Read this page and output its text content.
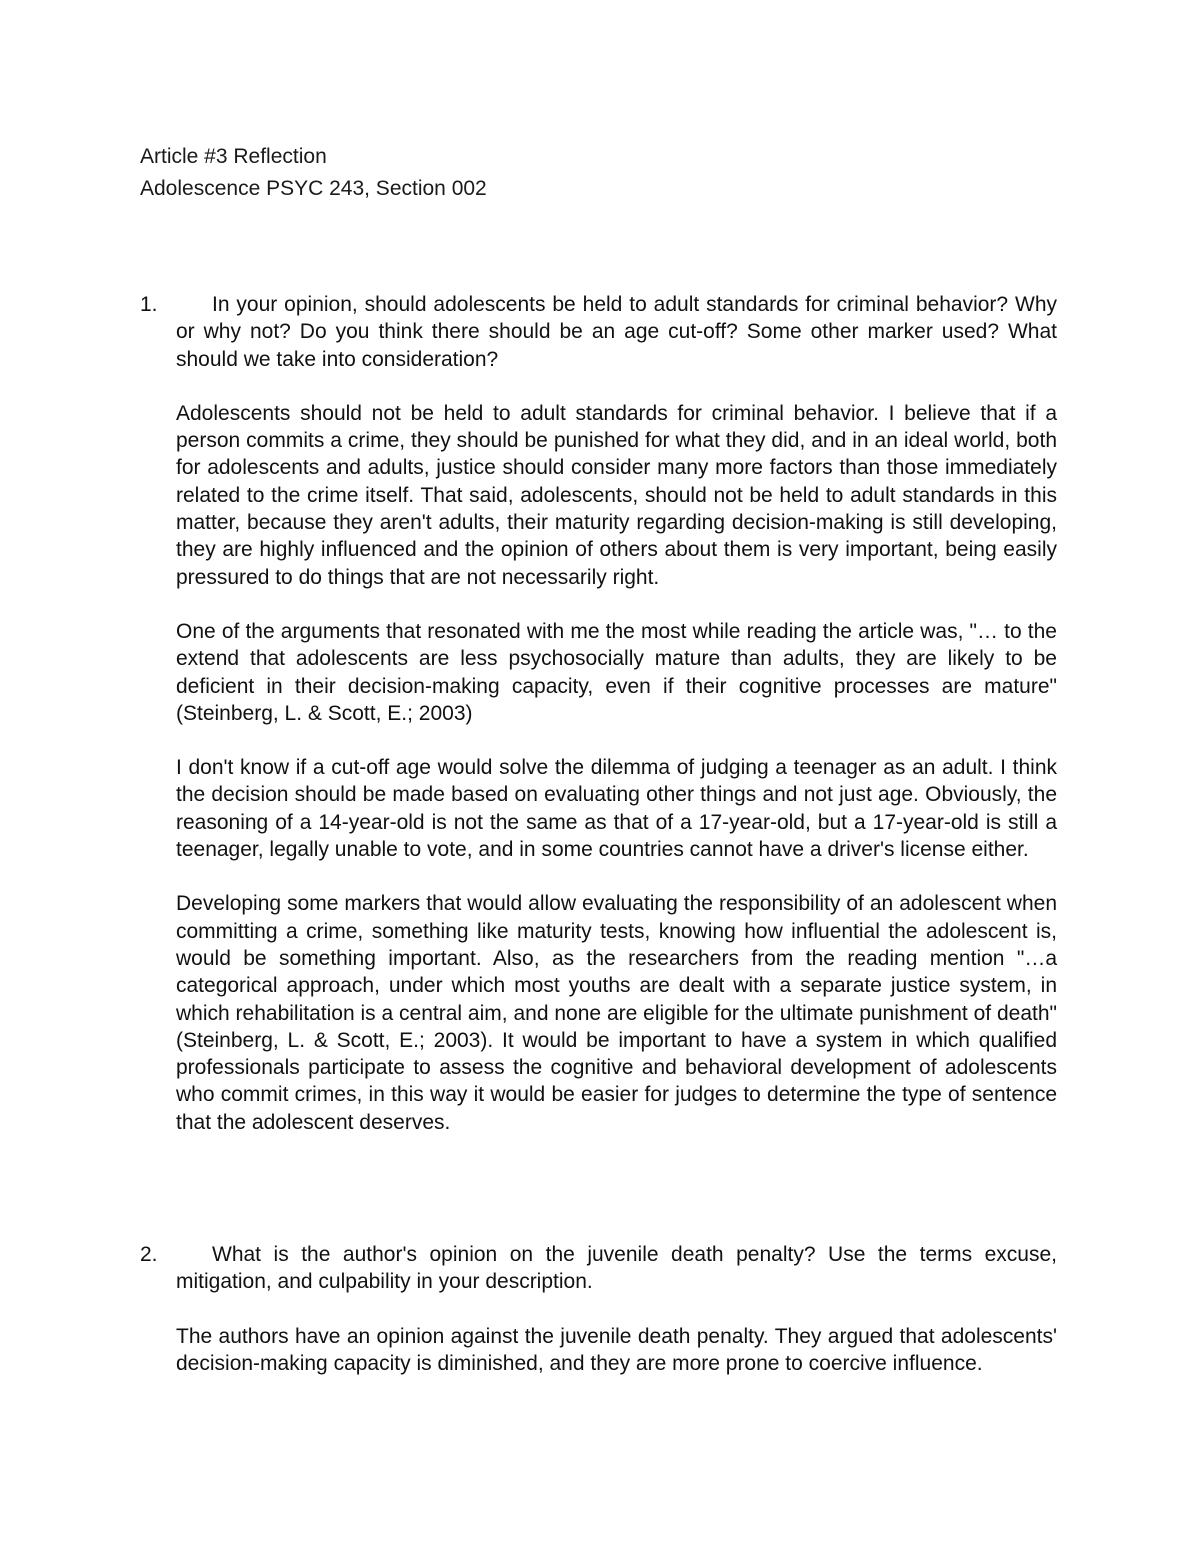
Article #3 Reflection
Adolescence PSYC 243, Section 002
1.	In your opinion, should adolescents be held to adult standards for criminal behavior? Why or why not? Do you think there should be an age cut-off? Some other marker used? What should we take into consideration?

Adolescents should not be held to adult standards for criminal behavior. I believe that if a person commits a crime, they should be punished for what they did, and in an ideal world, both for adolescents and adults, justice should consider many more factors than those immediately related to the crime itself. That said, adolescents, should not be held to adult standards in this matter, because they aren't adults, their maturity regarding decision-making is still developing, they are highly influenced and the opinion of others about them is very important, being easily pressured to do things that are not necessarily right.

One of the arguments that resonated with me the most while reading the article was, "… to the extend that adolescents are less psychosocially mature than adults, they are likely to be deficient in their decision-making capacity, even if their cognitive processes are mature" (Steinberg, L. & Scott, E.; 2003)

I don't know if a cut-off age would solve the dilemma of judging a teenager as an adult. I think the decision should be made based on evaluating other things and not just age. Obviously, the reasoning of a 14-year-old is not the same as that of a 17-year-old, but a 17-year-old is still a teenager, legally unable to vote, and in some countries cannot have a driver's license either.

Developing some markers that would allow evaluating the responsibility of an adolescent when committing a crime, something like maturity tests, knowing how influential the adolescent is, would be something important. Also, as the researchers from the reading mention "…a categorical approach, under which most youths are dealt with a separate justice system, in which rehabilitation is a central aim, and none are eligible for the ultimate punishment of death" (Steinberg, L. & Scott, E.; 2003). It would be important to have a system in which qualified professionals participate to assess the cognitive and behavioral development of adolescents who commit crimes, in this way it would be easier for judges to determine the type of sentence that the adolescent deserves.

2.	What is the author's opinion on the juvenile death penalty? Use the terms excuse, mitigation, and culpability in your description.

The authors have an opinion against the juvenile death penalty. They argued that adolescents' decision-making capacity is diminished, and they are more prone to coercive influence.
